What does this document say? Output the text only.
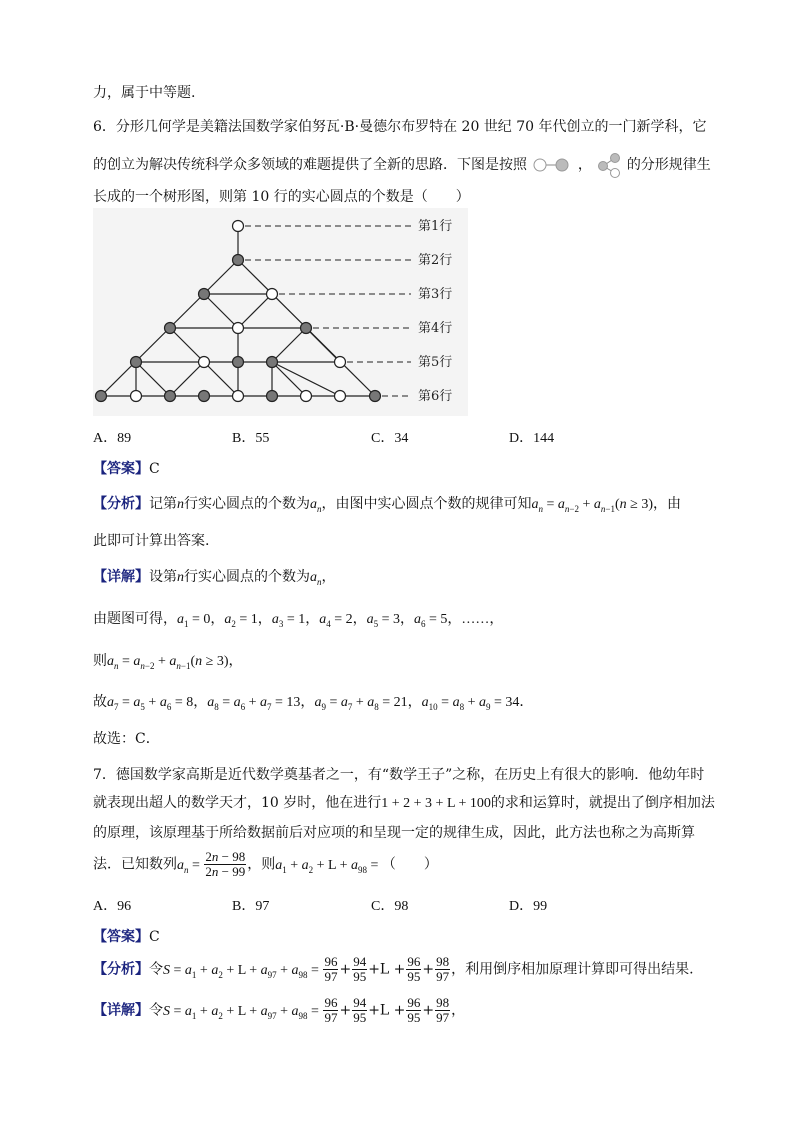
力，属于中等题.
6．分形几何学是美籍法国数学家伯努瓦·B·曼德尔布罗特在 20 世纪 70 年代创立的一门新学科，它
的创立为解决传统科学众多领域的难题提供了全新的思路．下图是按照	， 的分形规律生
长成的一个树形图，则第 10 行的实心圆点的个数是（　　）
第1行
第2行
第3行
第4行
第5行
第6行
A．89	B．55	C．34	D．144
【答案】C
【分析】记第n行实心圆点的个数为$a_n$，由图中实心圆点个数的规律可知$a_n = a_{n-2} + a_{n-1}(n \ge 3)$，由
此即可计算出答案.
【详解】设第n行实心圆点的个数为$a_n$，
由题图可得，$a_1 = 0$，$a_2 = 1$，$a_3 = 1$，$a_4 = 2$，$a_5 = 3$，$a_6 = 5$，……，
则$a_n = a_{n-2} + a_{n-1}(n \ge 3)$，
故$a_7 = a_5 + a_6 = 8$，$a_8 = a_6 + a_7 = 13$，$a_9 = a_7 + a_8 = 21$，$a_{10} = a_8 + a_9 = 34$．
故选：C．
7．德国数学家高斯是近代数学奠基者之一，有“数学王子”之称，在历史上有很大的影响．他幼年时
就表现出超人的数学天才，10 岁时，他在进行1 + 2 + 3 + L + 100的求和运算时，就提出了倒序相加法
的原理，该原理基于所给数据前后对应项的和呈现一定的规律生成，因此，此方法也称之为高斯算
法．已知数列$a_n = \frac{2n - 98}{2n - 99}$ ，则$a_1 + a_2 + L + a_{98}$ = （　　）
A．96	B．97	C．98	D．99
【答案】C
【分析】令$S = a_1 + a_2 + L + a_{97} + a_{98} = \frac{96}{97} + \frac{94}{95} +L + \frac{96}{95} + \frac{98}{97}$ ，利用倒序相加原理计算即可得出结果.
【详解】令$S = a_1 + a_2 + L + a_{97} + a_{98} = \frac{96}{97} + \frac{94}{95} +L + \frac{96}{95} + \frac{98}{97}$ ，
